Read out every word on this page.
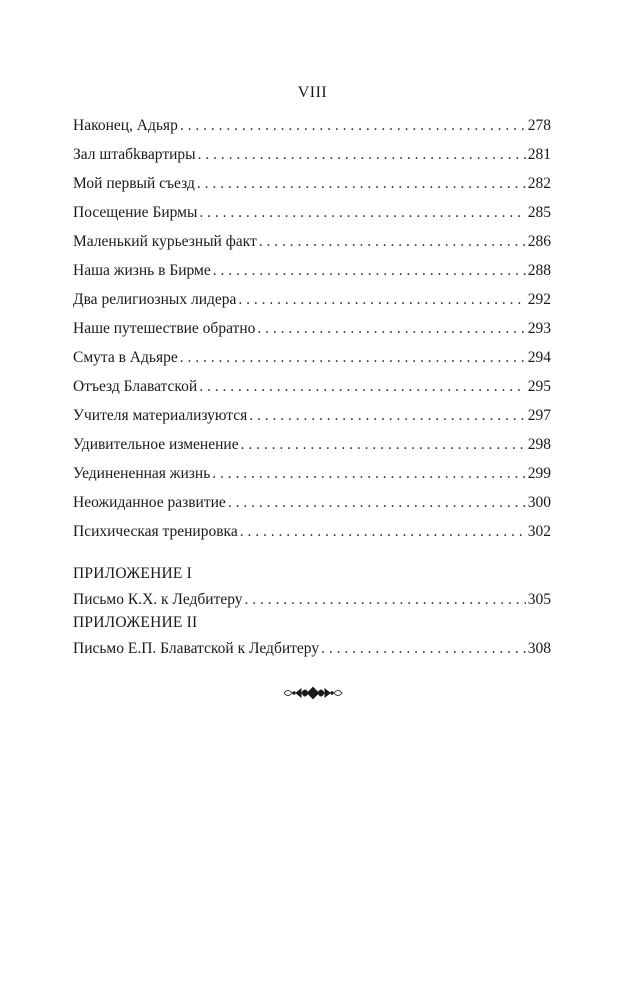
VIII
Наконец, Адьяр . . .	278
Зал штабkвартиры . . .	281
Мой первый съезд . . .	282
Посещение Бирмы . . .	285
Маленький курьезный факт . . .	286
Наша жизнь в Бирме . . .	288
Два религиозных лидера . . .	292
Наше путешествие обратно . . .	293
Смута в Адьяре . . .	294
Отъезд Блаватской . . .	295
Учителя материализуются . . .	297
Удивительное изменение . . .	298
Уединененная жизнь . . .	299
Неожиданное развитие . . .	300
Психическая тренировка . . .	302
ПРИЛОЖЕНИЕ I
Письмо К.Х. к Ледбитеру . . .	305
ПРИЛОЖЕНИЕ II
Письмо Е.П. Блаватской к Ледбитеру . . .	308
